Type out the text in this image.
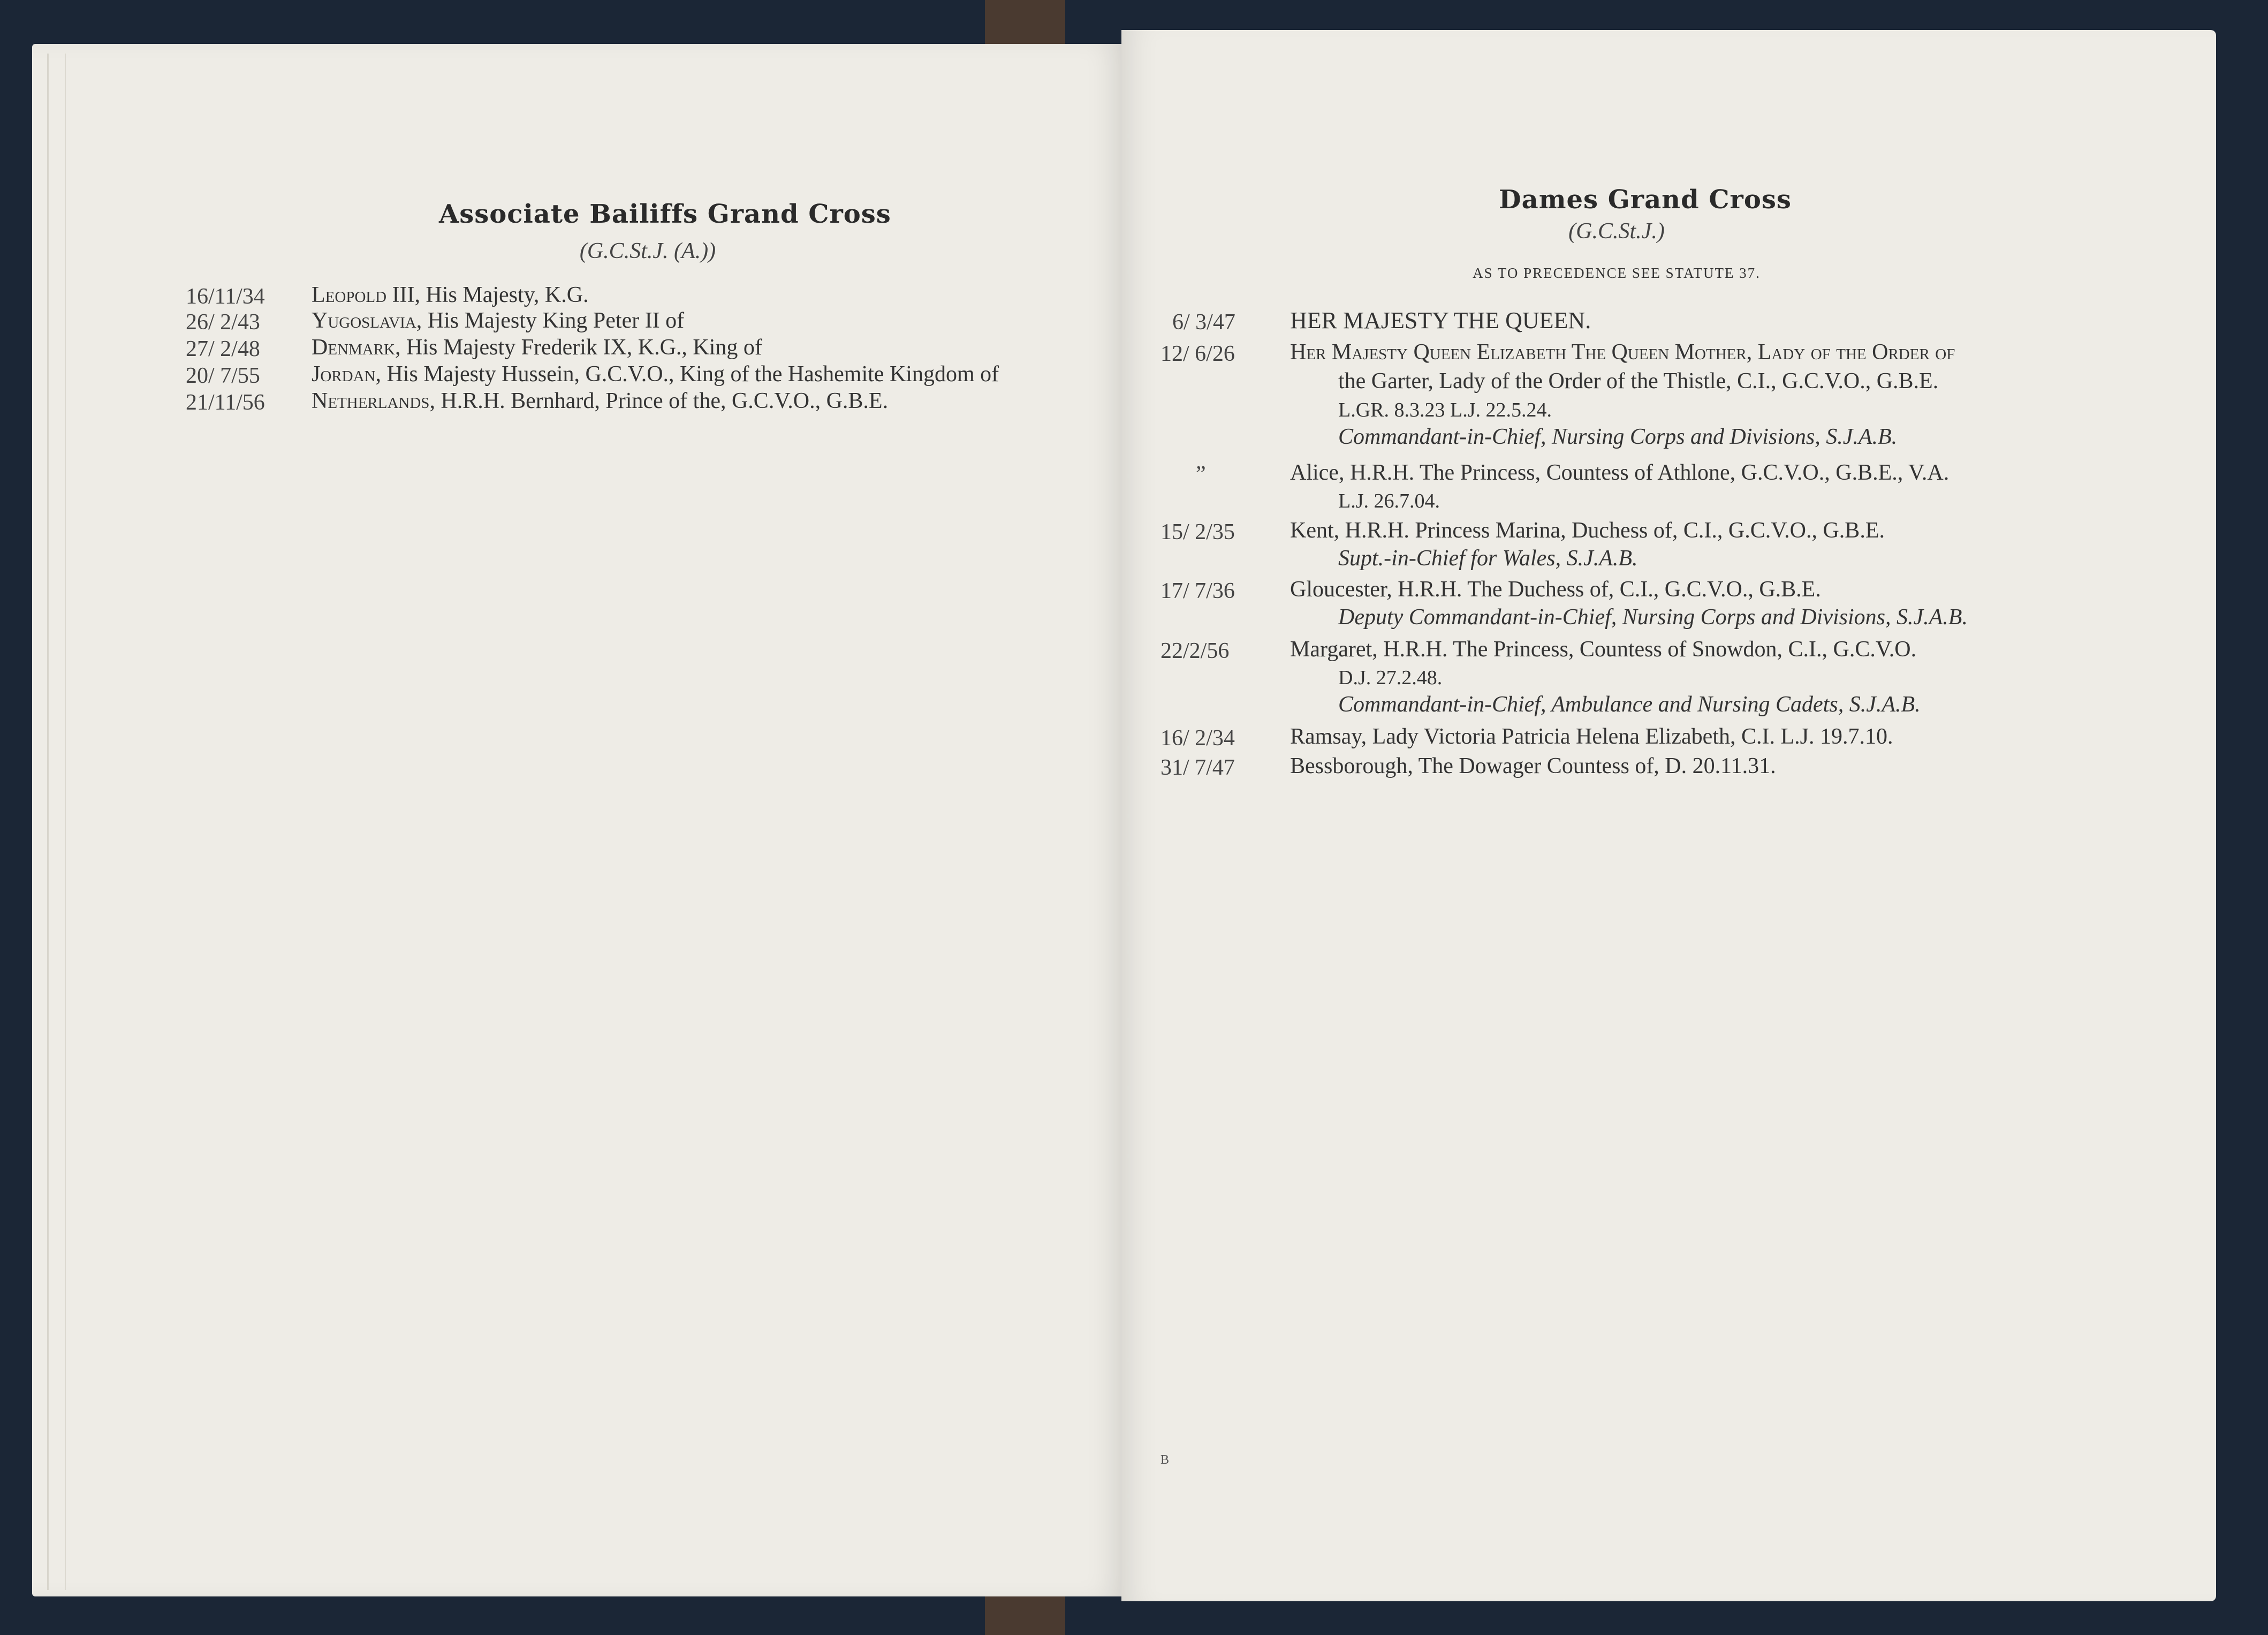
Associate Bailiffs Grand Cross
(G.C.St.J. (A.))
16/11/34 Leopold III, His Majesty, K.G.
26/ 2/43 Yugoslavia, His Majesty King Peter II of
27/ 2/48 Denmark, His Majesty Frederik IX, K.G., King of
20/ 7/55 Jordan, His Majesty Hussein, G.C.V.O., King of the Hashemite Kingdom of
21/11/56 Netherlands, H.R.H. Bernhard, Prince of the, G.C.V.O., G.B.E.
Dames Grand Cross
(G.C.St.J.)
AS TO PRECEDENCE SEE STATUTE 37.
6/ 3/47 HER MAJESTY THE QUEEN.
12/ 6/26 Her Majesty Queen Elizabeth The Queen Mother, Lady of the Order of
the Garter, Lady of the Order of the Thistle, C.I., G.C.V.O., G.B.E.
L.GR. 8.3.23 L.J. 22.5.24.
Commandant-in-Chief, Nursing Corps and Divisions, S.J.A.B.
”	Alice, H.R.H. The Princess, Countess of Athlone, G.C.V.O., G.B.E., V.A.
L.J. 26.7.04.
15/ 2/35 Kent, H.R.H. Princess Marina, Duchess of, C.I., G.C.V.O., G.B.E.
Supt.-in-Chief for Wales, S.J.A.B.
17/ 7/36 Gloucester, H.R.H. The Duchess of, C.I., G.C.V.O., G.B.E.
Deputy Commandant-in-Chief, Nursing Corps and Divisions, S.J.A.B.
22/2/56	Margaret, H.R.H. The Princess, Countess of Snowdon, C.I., G.C.V.O.
D.J. 27.2.48.
Commandant-in-Chief, Ambulance and Nursing Cadets, S.J.A.B.
16/ 2/34 Ramsay, Lady Victoria Patricia Helena Elizabeth, C.I. L.J. 19.7.10.
31/ 7/47 Bessborough, The Dowager Countess of, D. 20.11.31.
B
